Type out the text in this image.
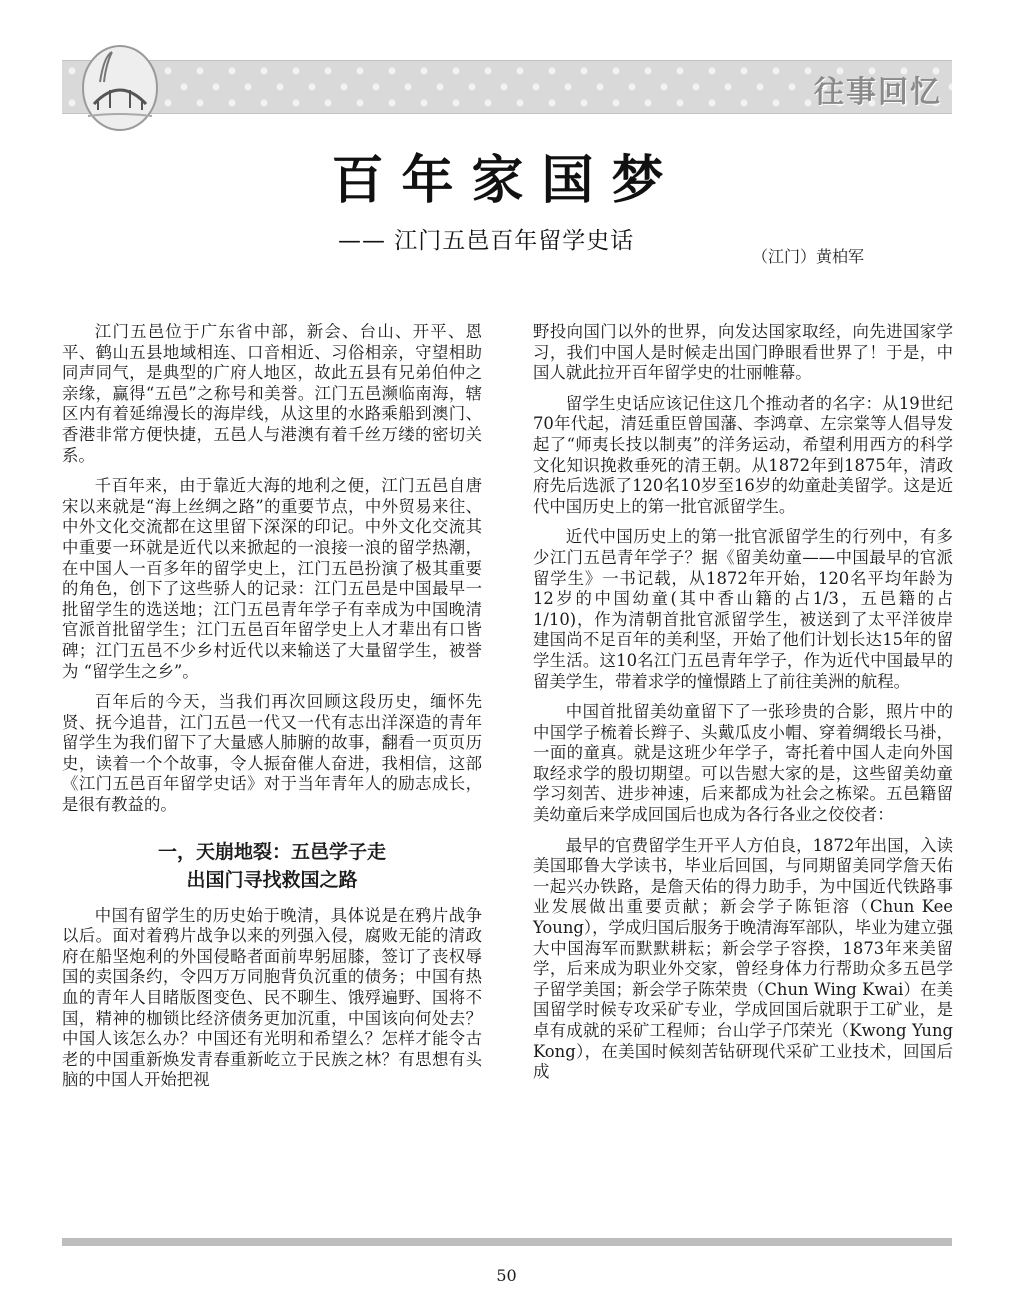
往事回忆
百年家国梦
—— 江门五邑百年留学史话
（江门）黄柏军

江门五邑位于广东省中部，新会、台山、开平、恩平、鹤山五县地域相连、口音相近、习俗相亲，守望相助同声同气，是典型的广府人地区，故此五县有兄弟伯仲之亲缘，赢得“五邑”之称号和美誉。江门五邑濒临南海，辖区内有着延绵漫长的海岸线，从这里的水路乘船到澳门、香港非常方便快捷，五邑人与港澳有着千丝万缕的密切关系。

千百年来，由于靠近大海的地利之便，江门五邑自唐宋以来就是“海上丝绸之路”的重要节点，中外贸易来往、中外文化交流都在这里留下深深的印记。中外文化交流其中重要一环就是近代以来掀起的一浪接一浪的留学热潮，在中国人一百多年的留学史上，江门五邑扮演了极其重要的角色，创下了这些骄人的记录：江门五邑是中国最早一批留学生的选送地；江门五邑青年学子有幸成为中国晚清官派首批留学生；江门五邑百年留学史上人才辈出有口皆碑；江门五邑不少乡村近代以来输送了大量留学生，被誉为 “留学生之乡”。

百年后的今天，当我们再次回顾这段历史，缅怀先贤、抚今追昔，江门五邑一代又一代有志出洋深造的青年留学生为我们留下了大量感人肺腑的故事，翻看一页页历史，读着一个个故事，令人振奋催人奋进，我相信，这部《江门五邑百年留学史话》对于当年青年人的励志成长，是很有教益的。

一，天崩地裂：五邑学子走
出国门寻找救国之路

中国有留学生的历史始于晚清，具体说是在鸦片战争以后。面对着鸦片战争以来的列强入侵，腐败无能的清政府在船坚炮利的外国侵略者面前卑躬屈膝，签订了丧权辱国的卖国条约，令四万万同胞背负沉重的债务；中国有热血的青年人目睹版图变色、民不聊生、饿殍遍野、国将不国，精神的枷锁比经济债务更加沉重，中国该向何处去？中国人该怎么办？中国还有光明和希望么？怎样才能令古老的中国重新焕发青春重新屹立于民族之林？有思想有头脑的中国人开始把视

野投向国门以外的世界，向发达国家取经，向先进国家学习，我们中国人是时候走出国门睁眼看世界了！于是，中国人就此拉开百年留学史的壮丽帷幕。

留学生史话应该记住这几个推动者的名字：从19世纪70年代起，清廷重臣曾国藩、李鸿章、左宗棠等人倡导发起了“师夷长技以制夷”的洋务运动，希望利用西方的科学文化知识挽救垂死的清王朝。从1872年到1875年，清政府先后选派了120名10岁至16岁的幼童赴美留学。这是近代中国历史上的第一批官派留学生。

近代中国历史上的第一批官派留学生的行列中，有多少江门五邑青年学子？据《留美幼童——中国最早的官派留学生》一书记载，从1872年开始，120名平均年龄为12岁的中国幼童(其中香山籍的占1/3，五邑籍的占1/10)，作为清朝首批官派留学生，被送到了太平洋彼岸建国尚不足百年的美利坚，开始了他们计划长达15年的留学生活。这10名江门五邑青年学子，作为近代中国最早的留美学生，带着求学的憧憬踏上了前往美洲的航程。

中国首批留美幼童留下了一张珍贵的合影，照片中的中国学子梳着长辫子、头戴瓜皮小帽、穿着绸缎长马褂，一面的童真。就是这班少年学子，寄托着中国人走向外国取经求学的殷切期望。可以告慰大家的是，这些留美幼童学习刻苦、进步神速，后来都成为社会之栋梁。五邑籍留美幼童后来学成回国后也成为各行各业之佼佼者：

最早的官费留学生开平人方伯良，1872年出国，入读美国耶鲁大学读书，毕业后回国，与同期留美同学詹天佑一起兴办铁路，是詹天佑的得力助手，为中国近代铁路事业发展做出重要贡献；新会学子陈钜溶（Chun Kee Young），学成归国后服务于晚清海军部队，毕业为建立强大中国海军而默默耕耘；新会学子容揆，1873年来美留学，后来成为职业外交家，曾经身体力行帮助众多五邑学子留学美国；新会学子陈荣贵（Chun Wing Kwai）在美国留学时候专攻采矿专业，学成回国后就职于工矿业，是卓有成就的采矿工程师；台山学子邝荣光（Kwong Yung Kong），在美国时候刻苦钻研现代采矿工业技术，回国后成

50
